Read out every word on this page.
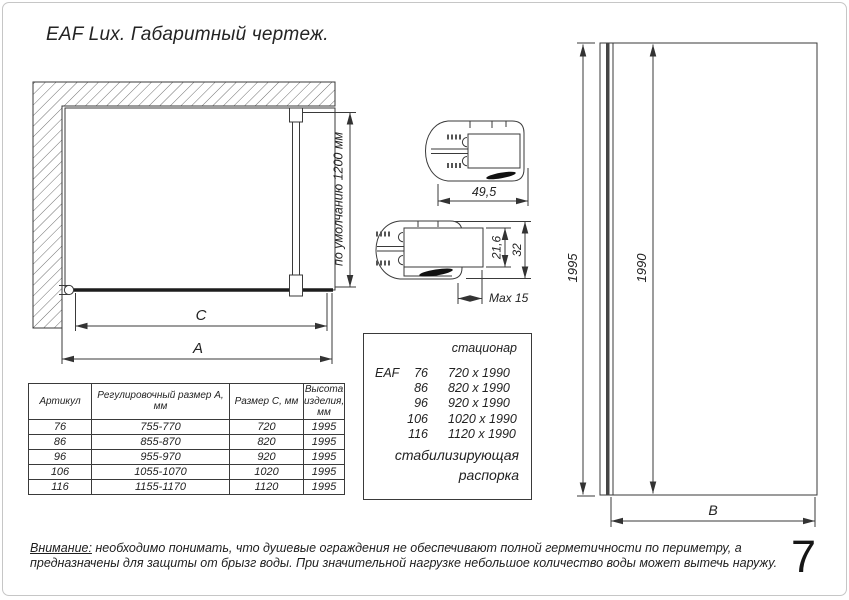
EAF Lux. Габаритный чертеж.
по умолчанию 1200 мм
C
A
49,5
21,6 32
Max 15
1995	1990
B
стационар
EAF	76 720 x 1990
86 820 x 1990
96 920 x 1990
106 1020 x 1990
116 1120 x 1990
стабилизирующая
распорка
Артикул	Регулировочный размер А, мм	Размер С, мм	Высота изделия, мм
76	755-770	720	1995
86	855-870	820	1995
96	955-970	920	1995
106	1055-1070	1020	1995
116	1155-1170	1120	1995
Внимание: необходимо понимать, что душевые ограждения не обеспечивают полной герметичности по периметру, а предназначены для защиты от брызг воды. При значительной нагрузке небольшое количество воды может вытечь наружу. 7
